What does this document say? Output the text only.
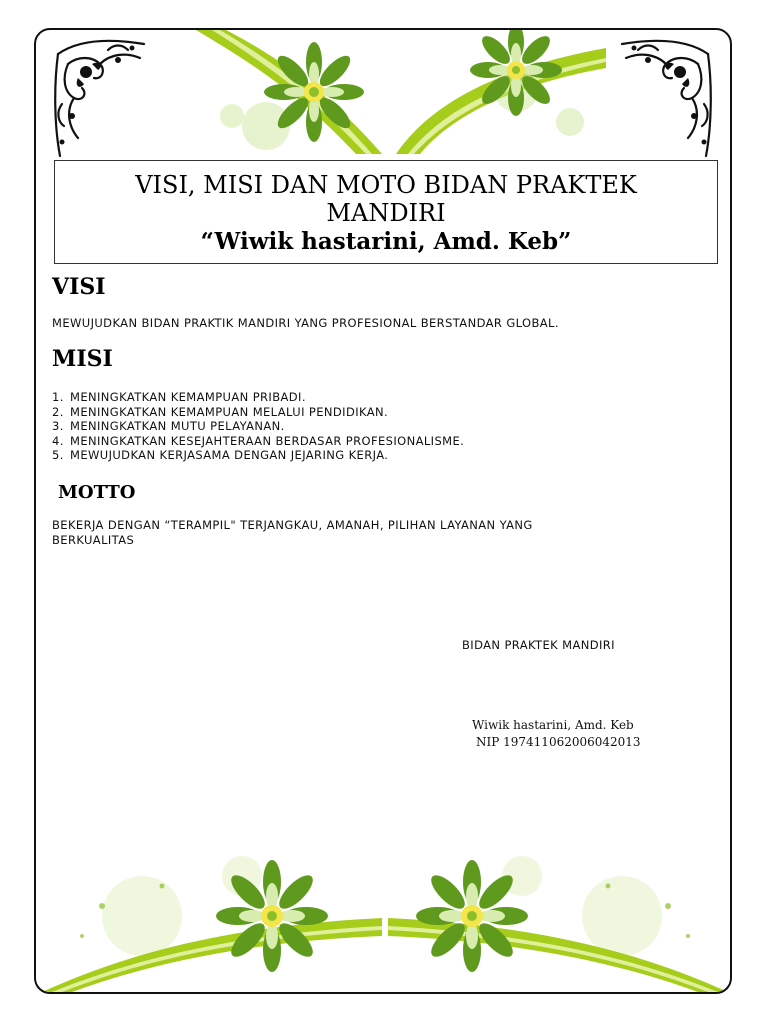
VISI, MISI DAN MOTO BIDAN PRAKTEK

MANDIRI

“Wiwik hastarini, Amd. Keb”

VISI

MEWUJUDKAN BIDAN PRAKTIK MANDIRI YANG PROFESIONAL BERSTANDAR GLOBAL.

MISI
1. MENINGKATKAN KEMAMPUAN PRIBADI.
2. MENINGKATKAN KEMAMPUAN MELALUI PENDIDIKAN.
3. MENINGKATKAN MUTU PELAYANAN.
4. MENINGKATKAN KESEJAHTERAAN BERDASAR PROFESIONALISME.
5. MEWUJUDKAN KERJASAMA DENGAN JEJARING KERJA.
MOTTO

BEKERJA DENGAN “TERAMPIL" TERJANGKAU, AMANAH, PILIHAN LAYANAN YANG

BERKUALITAS

BIDAN PRAKTEK MANDIRI

Wiwik hastarini, Amd. Keb

NIP 197411062006042013
